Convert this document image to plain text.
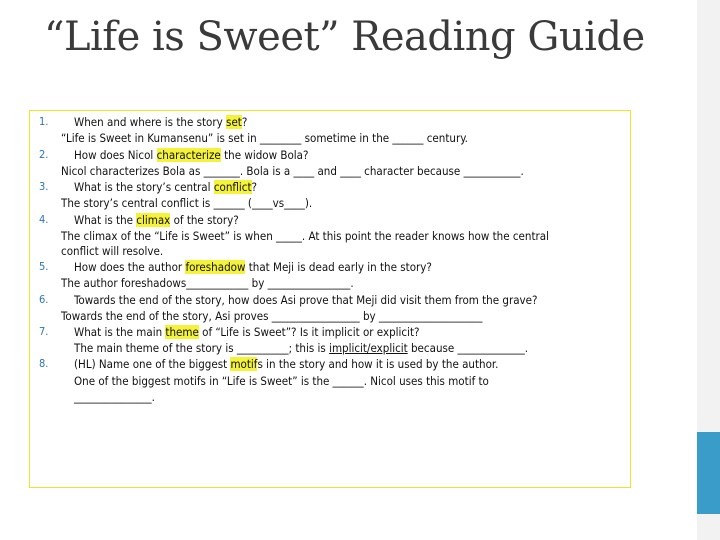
“Life is Sweet” Reading Guide
1. When and where is the story set?
“Life is Sweet in Kumansenu” is set in ________ sometime in the ______ century.
2. How does Nicol characterize the widow Bola?
Nicol characterizes Bola as _______. Bola is a ____ and ____ character because ___________.
3. What is the story’s central conflict?
The story’s central conflict is ______ (____vs____).
4. What is the climax of the story?
The climax of the “Life is Sweet” is when _____. At this point the reader knows how the central
conflict will resolve.
5. How does the author foreshadow that Meji is dead early in the story?
The author foreshadows____________ by ________________.
6. Towards the end of the story, how does Asi prove that Meji did visit them from the grave?
Towards the end of the story, Asi proves _________________ by ____________________
7. What is the main theme of “Life is Sweet”? Is it implicit or explicit?
The main theme of the story is __________; this is implicit/explicit because _____________.
8. (HL) Name one of the biggest motifs in the story and how it is used by the author.
One of the biggest motifs in “Life is Sweet” is the ______. Nicol uses this motif to
_______________.
